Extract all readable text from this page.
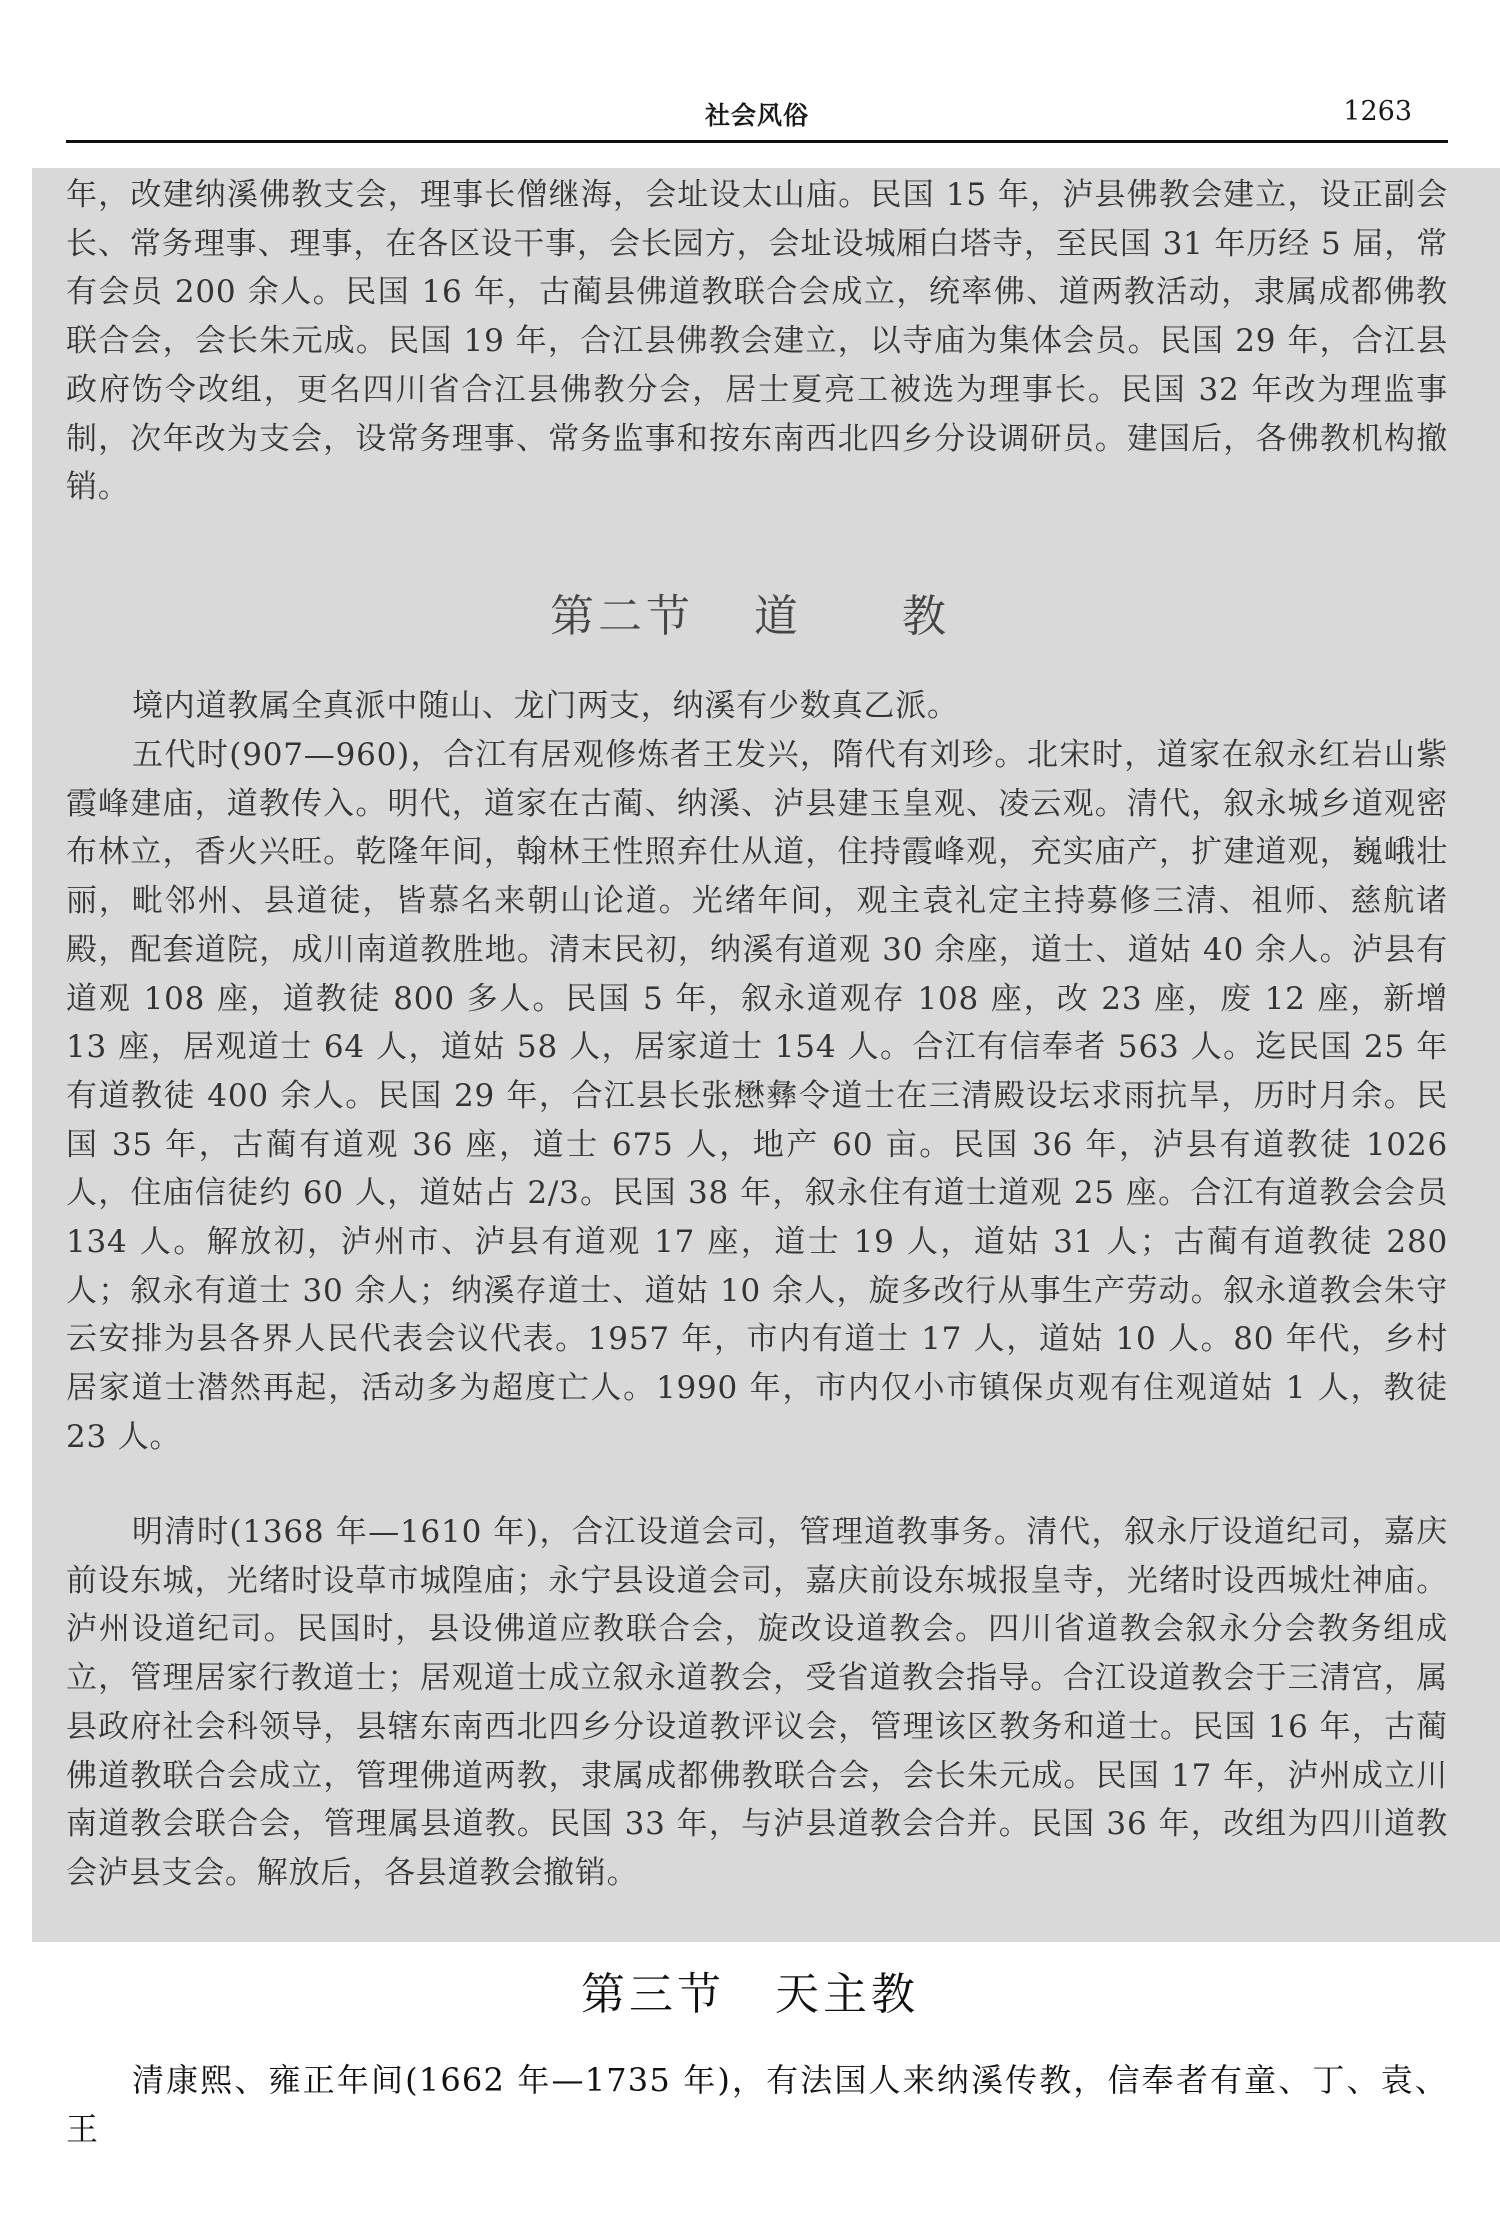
社会风俗	1263

年，改建纳溪佛教支会，理事长僧继海，会址设太山庙。民国 15 年，泸县佛教会建立，设正副会长、常务理事、理事，在各区设干事，会长园方，会址设城厢白塔寺，至民国 31 年历经 5 届，常有会员 200 余人。民国 16 年，古蔺县佛道教联合会成立，统率佛、道两教活动，隶属成都佛教联合会，会长朱元成。民国 19 年，合江县佛教会建立，以寺庙为集体会员。民国 29 年，合江县政府饬令改组，更名四川省合江县佛教分会，居士夏亮工被选为理事长。民国 32 年改为理监事制，次年改为支会，设常务理事、常务监事和按东南西北四乡分设调研员。建国后，各佛教机构撤销。

第二节 道 教

境内道教属全真派中随山、龙门两支，纳溪有少数真乙派。

五代时(907—960)，合江有居观修炼者王发兴，隋代有刘珍。北宋时，道家在叙永红岩山紫霞峰建庙，道教传入。明代，道家在古蔺、纳溪、泸县建玉皇观、凌云观。清代，叙永城乡道观密布林立，香火兴旺。乾隆年间，翰林王性照弃仕从道，住持霞峰观，充实庙产，扩建道观，巍峨壮丽，毗邻州、县道徒，皆慕名来朝山论道。光绪年间，观主袁礼定主持募修三清、祖师、慈航诸殿，配套道院，成川南道教胜地。清末民初，纳溪有道观 30 余座，道士、道姑 40 余人。泸县有道观 108 座，道教徒 800 多人。民国 5 年，叙永道观存 108 座，改 23 座，废 12 座，新增 13 座，居观道士 64 人，道姑 58 人，居家道士 154 人。合江有信奉者 563 人。迄民国 25 年有道教徒 400 余人。民国 29 年，合江县长张懋彝令道士在三清殿设坛求雨抗旱，历时月余。民国 35 年，古蔺有道观 36 座，道士 675 人，地产 60 亩。民国 36 年，泸县有道教徒 1026 人，住庙信徒约 60 人，道姑占 2/3。民国 38 年，叙永住有道士道观 25 座。合江有道教会会员 134 人。解放初，泸州市、泸县有道观 17 座，道士 19 人，道姑 31 人；古蔺有道教徒 280 人；叙永有道士 30 余人；纳溪存道士、道姑 10 余人，旋多改行从事生产劳动。叙永道教会朱守云安排为县各界人民代表会议代表。1957 年，市内有道士 17 人，道姑 10 人。80 年代，乡村居家道士潜然再起，活动多为超度亡人。1990 年，市内仅小市镇保贞观有住观道姑 1 人，教徒 23 人。

明清时(1368 年—1610 年)，合江设道会司，管理道教事务。清代，叙永厅设道纪司，嘉庆前设东城，光绪时设草市城隍庙；永宁县设道会司，嘉庆前设东城报皇寺，光绪时设西城灶神庙。泸州设道纪司。民国时，县设佛道应教联合会，旋改设道教会。四川省道教会叙永分会教务组成立，管理居家行教道士；居观道士成立叙永道教会，受省道教会指导。合江设道教会于三清宫，属县政府社会科领导，县辖东南西北四乡分设道教评议会，管理该区教务和道士。民国 16 年，古蔺佛道教联合会成立，管理佛道两教，隶属成都佛教联合会，会长朱元成。民国 17 年，泸州成立川南道教会联合会，管理属县道教。民国 33 年，与泸县道教会合并。民国 36 年，改组为四川道教会泸县支会。解放后，各县道教会撤销。

第三节 天主教

清康熙、雍正年间(1662 年—1735 年)，有法国人来纳溪传教，信奉者有童、丁、袁、王
